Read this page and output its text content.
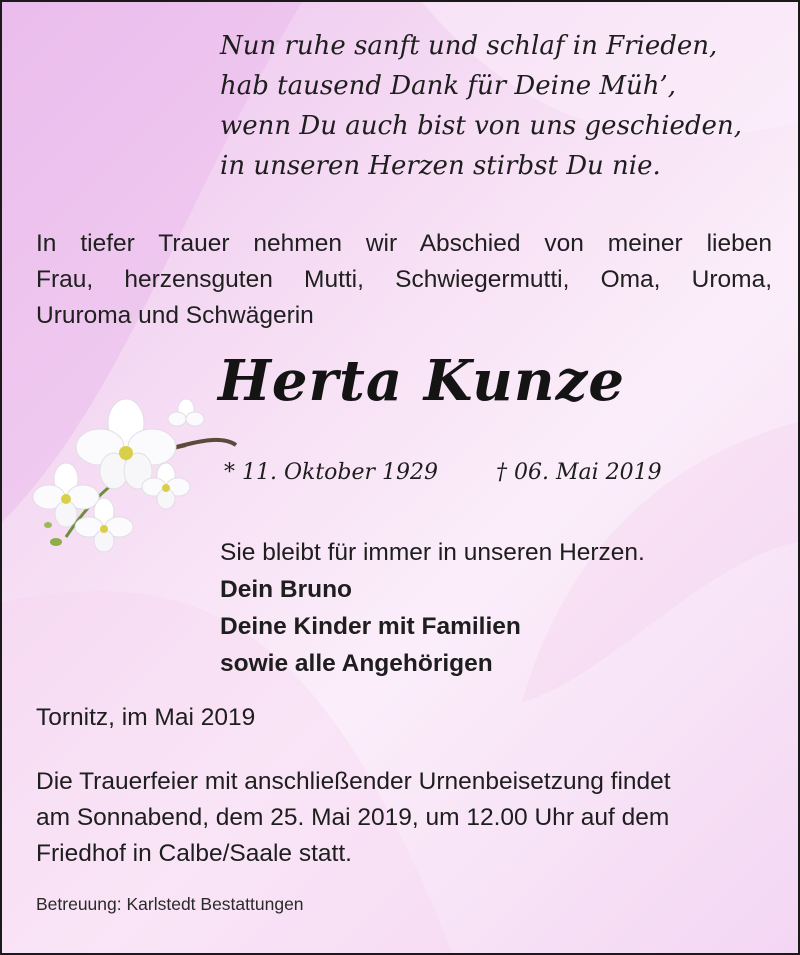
Nun ruhe sanft und schlaf in Frieden,
hab tausend Dank für Deine Müh’,
wenn Du auch bist von uns geschieden,
in unseren Herzen stirbst Du nie.
In tiefer Trauer nehmen wir Abschied von meiner lieben
Frau, herzensguten Mutti, Schwiegermutti, Oma, Uroma,
Ururoma und Schwägerin
Herta Kunze
* 11. Oktober 1929	† 06. Mai 2019
Sie bleibt für immer in unseren Herzen.
Dein Bruno
Deine Kinder mit Familien
sowie alle Angehörigen
Tornitz, im Mai 2019
Die Trauerfeier mit anschließender Urnenbeisetzung findet
am Sonnabend, dem 25. Mai 2019, um 12.00 Uhr auf dem
Friedhof in Calbe/Saale statt.
Betreuung: Karlstedt Bestattungen
